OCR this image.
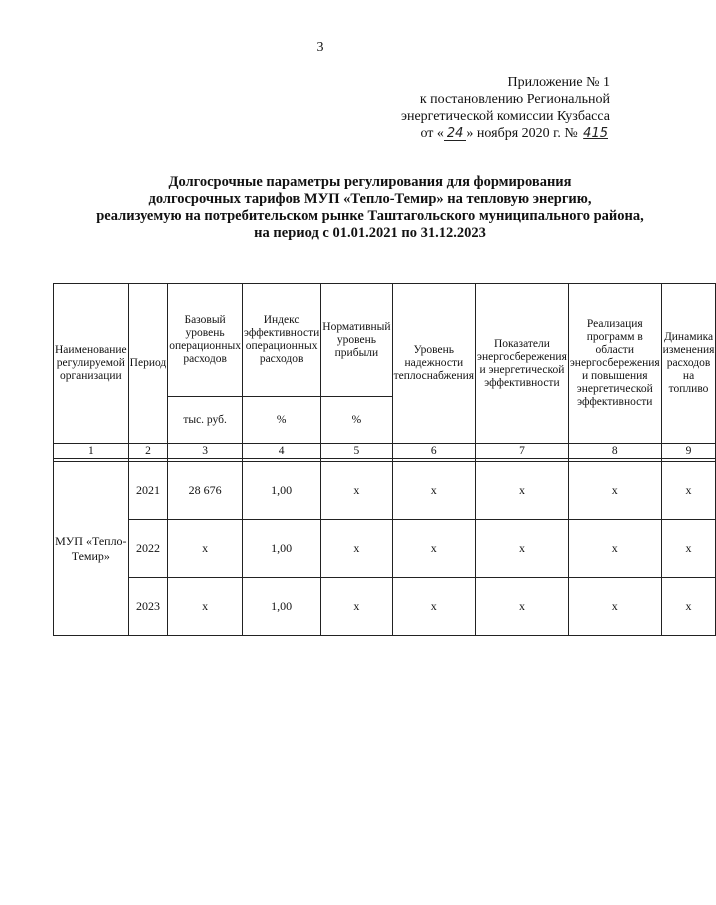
3
Приложение № 1
к постановлению Региональной
энергетической комиссии Кузбасса
от « 24 » ноября 2020 г. № 415
Долгосрочные параметры регулирования для формирования
долгосрочных тарифов МУП «Тепло-Темир» на тепловую энергию,
реализуемую на потребительском рынке Таштагольского муниципального района,
на период с 01.01.2021 по 31.12.2023
Наименование регулируемой организации	Период	Базовый уровень операционных расходов	Индекс эффективности операционных расходов	Нормативный уровень прибыли	Уровень надежности теплоснабжения	Показатели энергосбережения и энергетической эффективности	Реализация программ в области энергосбережения и повышения энергетической эффективности	Динамика изменения расходов на топливо

		тыс. руб.	%	%				
1	2	3	4	5	6	7	8	9

МУП «Тепло-Темир»	2021	28 676	1,00	х	х	х	х	х
	2022	х	1,00	х	х	х	х	х
	2023	х	1,00	х	х	х	х	х
